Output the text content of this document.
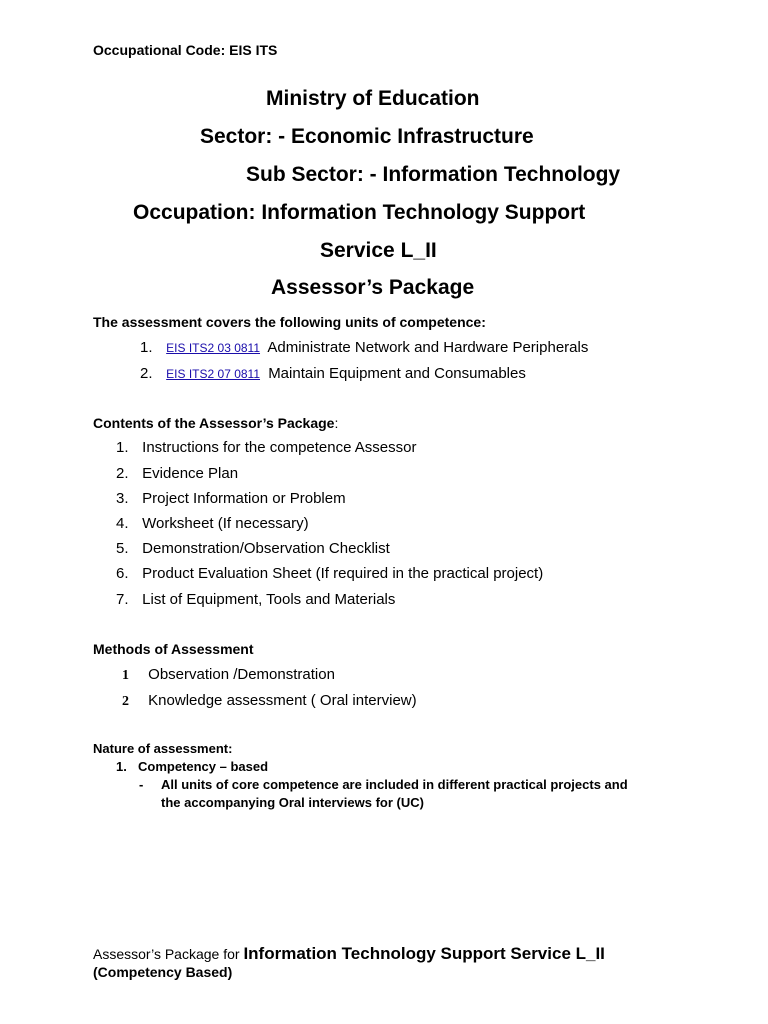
Occupational Code: EIS ITS
Ministry of Education
Sector: - Economic Infrastructure
Sub Sector: - Information Technology
Occupation: Information Technology Support
Service L_II
Assessor’s Package
The assessment covers the following units of competence:
1. EIS ITS2 03 0811 Administrate Network and Hardware Peripherals
2. EIS ITS2 07 0811 Maintain Equipment and Consumables
Contents of the Assessor’s Package:
1. Instructions for the competence Assessor
2. Evidence Plan
3. Project Information or Problem
4. Worksheet (If necessary)
5. Demonstration/Observation Checklist
6. Product Evaluation Sheet (If required in the practical project)
7. List of Equipment, Tools and Materials
Methods of Assessment
1 Observation /Demonstration
2 Knowledge assessment ( Oral interview)
Nature of assessment:
1. Competency – based
- All units of core competence are included in different practical projects and
the accompanying Oral interviews for (UC)
Assessor’s Package for Information Technology Support Service L_II
(Competency Based)
